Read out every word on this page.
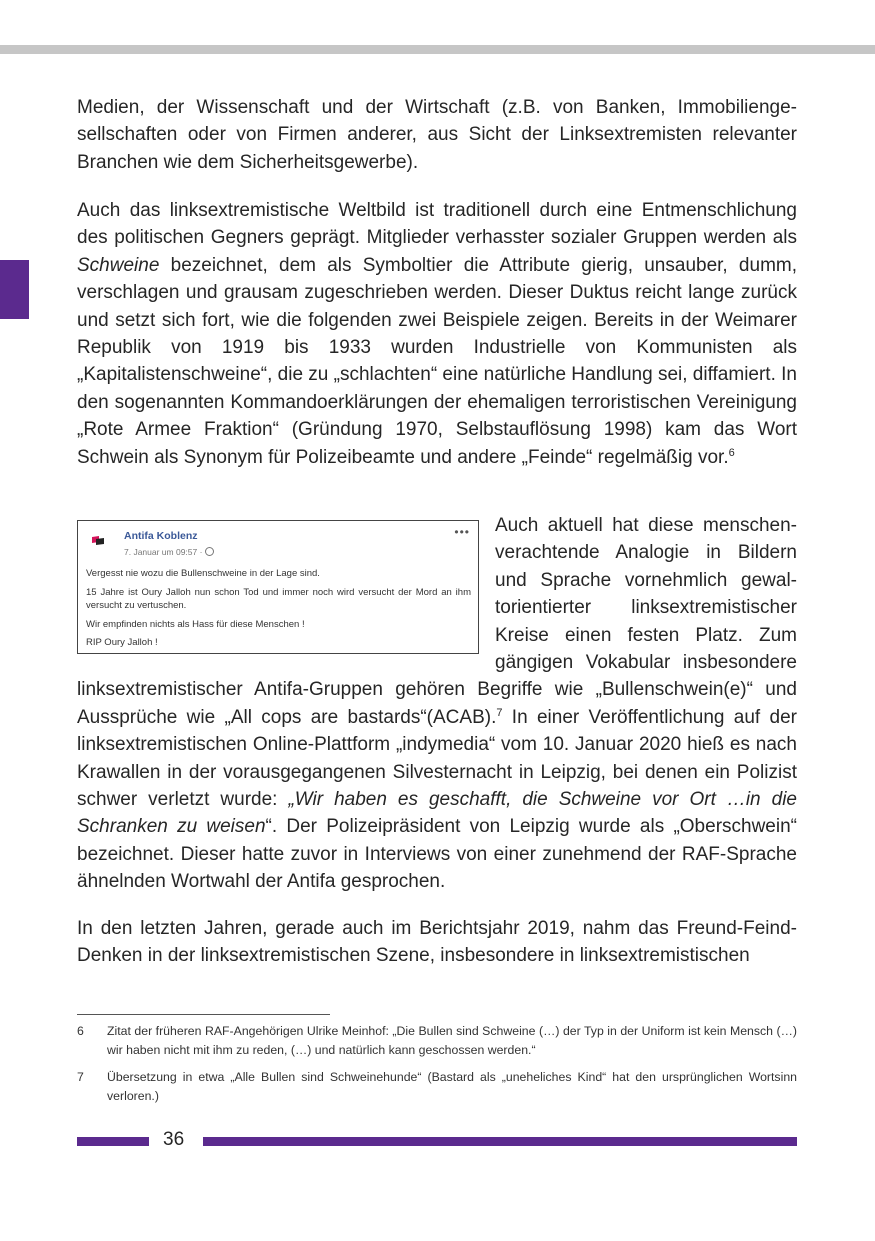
Medien, der Wissenschaft und der Wirtschaft (z.B. von Banken, Immobiliengesellschaften oder von Firmen anderer, aus Sicht der Linksextremisten relevanter Branchen wie dem Sicherheitsgewerbe).

Auch das linksextremistische Weltbild ist traditionell durch eine Entmenschlichung des politischen Gegners geprägt. Mitglieder verhasster sozialer Gruppen werden als Schweine bezeichnet, dem als Symboltier die Attribute gierig, unsauber, dumm, verschlagen und grausam zugeschrieben werden. Dieser Duktus reicht lange zurück und setzt sich fort, wie die folgenden zwei Beispiele zeigen. Bereits in der Weimarer Republik von 1919 bis 1933 wurden Industrielle von Kommunisten als „Kapitalistenschweine“, die zu „schlachten“ eine natürliche Handlung sei, diffamiert. In den sogenannten Kommandoerklärungen der ehemaligen terroristischen Vereinigung „Rote Armee Fraktion“ (Gründung 1970, Selbstauflösung 1998) kam das Wort Schwein als Synonym für Polizeibeamte und andere „Feinde“ regelmäßig vor.$^6$

Antifa Koblenz
7. Januar um 09:57 ·
•••
Vergesst nie wozu die Bullenschweine in der Lage sind.
15 Jahre ist Oury Jalloh nun schon Tod und immer noch wird versucht der Mord an ihm versucht zu vertuschen.
Wir empfinden nichts als Hass für diese Menschen !
RIP Oury Jalloh !

Auch aktuell hat diese menschenverachtende Analogie in Bildern und Sprache vornehmlich gewaltorientierter linksextremistischer Kreise einen festen Platz. Zum gängigen Vokabular insbesondere linksextremistischer Antifa-Gruppen gehören Begriffe wie „Bullenschwein(e)“ und Aussprüche wie „All cops are bastards“(ACAB).$^7$ In einer Veröffentlichung auf der linksextremistischen Online-Plattform „indymedia“ vom 10. Januar 2020 hieß es nach Krawallen in der vorausgegangenen Silvesternacht in Leipzig, bei denen ein Polizist schwer verletzt wurde: „Wir haben es geschafft, die Schweine vor Ort …in die Schranken zu weisen“. Der Polizeipräsident von Leipzig wurde als „Oberschwein“ bezeichnet. Dieser hatte zuvor in Interviews von einer zunehmend der RAF-Sprache ähnelnden Wortwahl der Antifa gesprochen.

In den letzten Jahren, gerade auch im Berichtsjahr 2019, nahm das Freund-Feind-Denken in der linksextremistischen Szene, insbesondere in linksextremistischen

6 Zitat der früheren RAF-Angehörigen Ulrike Meinhof: „Die Bullen sind Schweine (…) der Typ in der Uniform ist kein Mensch (…) wir haben nicht mit ihm zu reden, (…) und natürlich kann geschossen werden.“
7 Übersetzung in etwa „Alle Bullen sind Schweinehunde“ (Bastard als „uneheliches Kind“ hat den ursprünglichen Wortsinn verloren.)
36
